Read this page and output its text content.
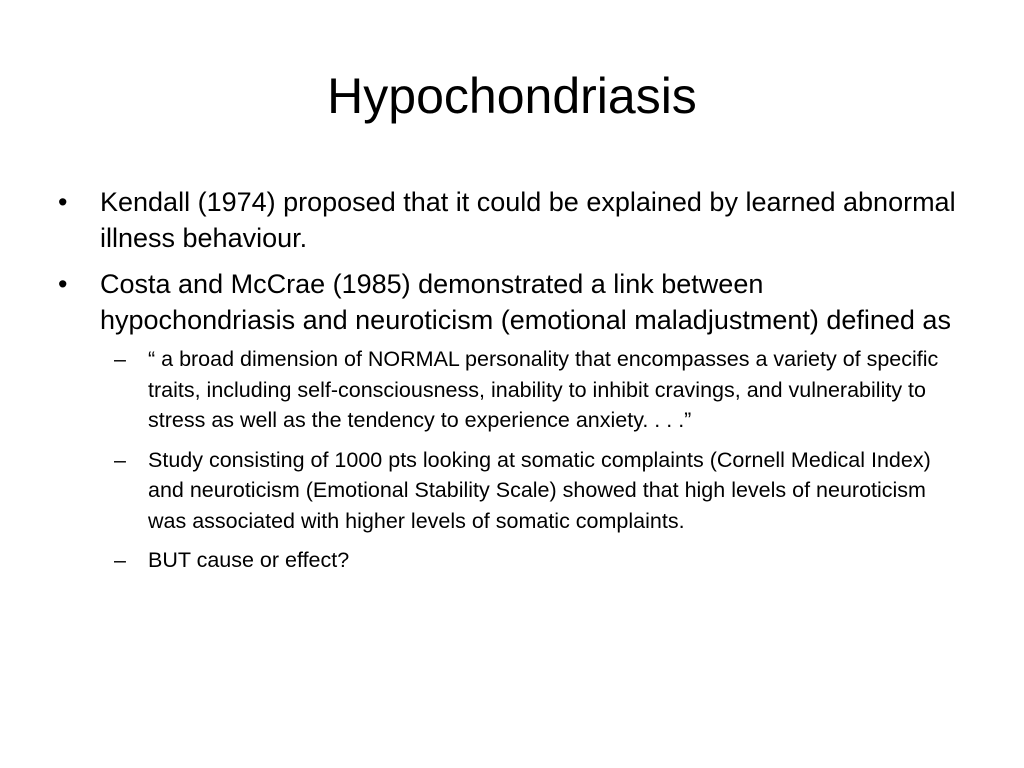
Hypochondriasis
• Kendall (1974) proposed that it could be explained by learned abnormal illness behaviour.
• Costa and McCrae (1985) demonstrated a link between hypochondriasis and neuroticism (emotional maladjustment) defined as
– “ a broad dimension of NORMAL personality that encompasses a variety of specific traits, including self-consciousness, inability to inhibit cravings, and vulnerability to stress as well as the tendency to experience anxiety. . . .”
– Study consisting of 1000 pts looking at somatic complaints (Cornell Medical Index) and neuroticism (Emotional Stability Scale) showed that high levels of neuroticism was associated with higher levels of somatic complaints.
– BUT cause or effect?
